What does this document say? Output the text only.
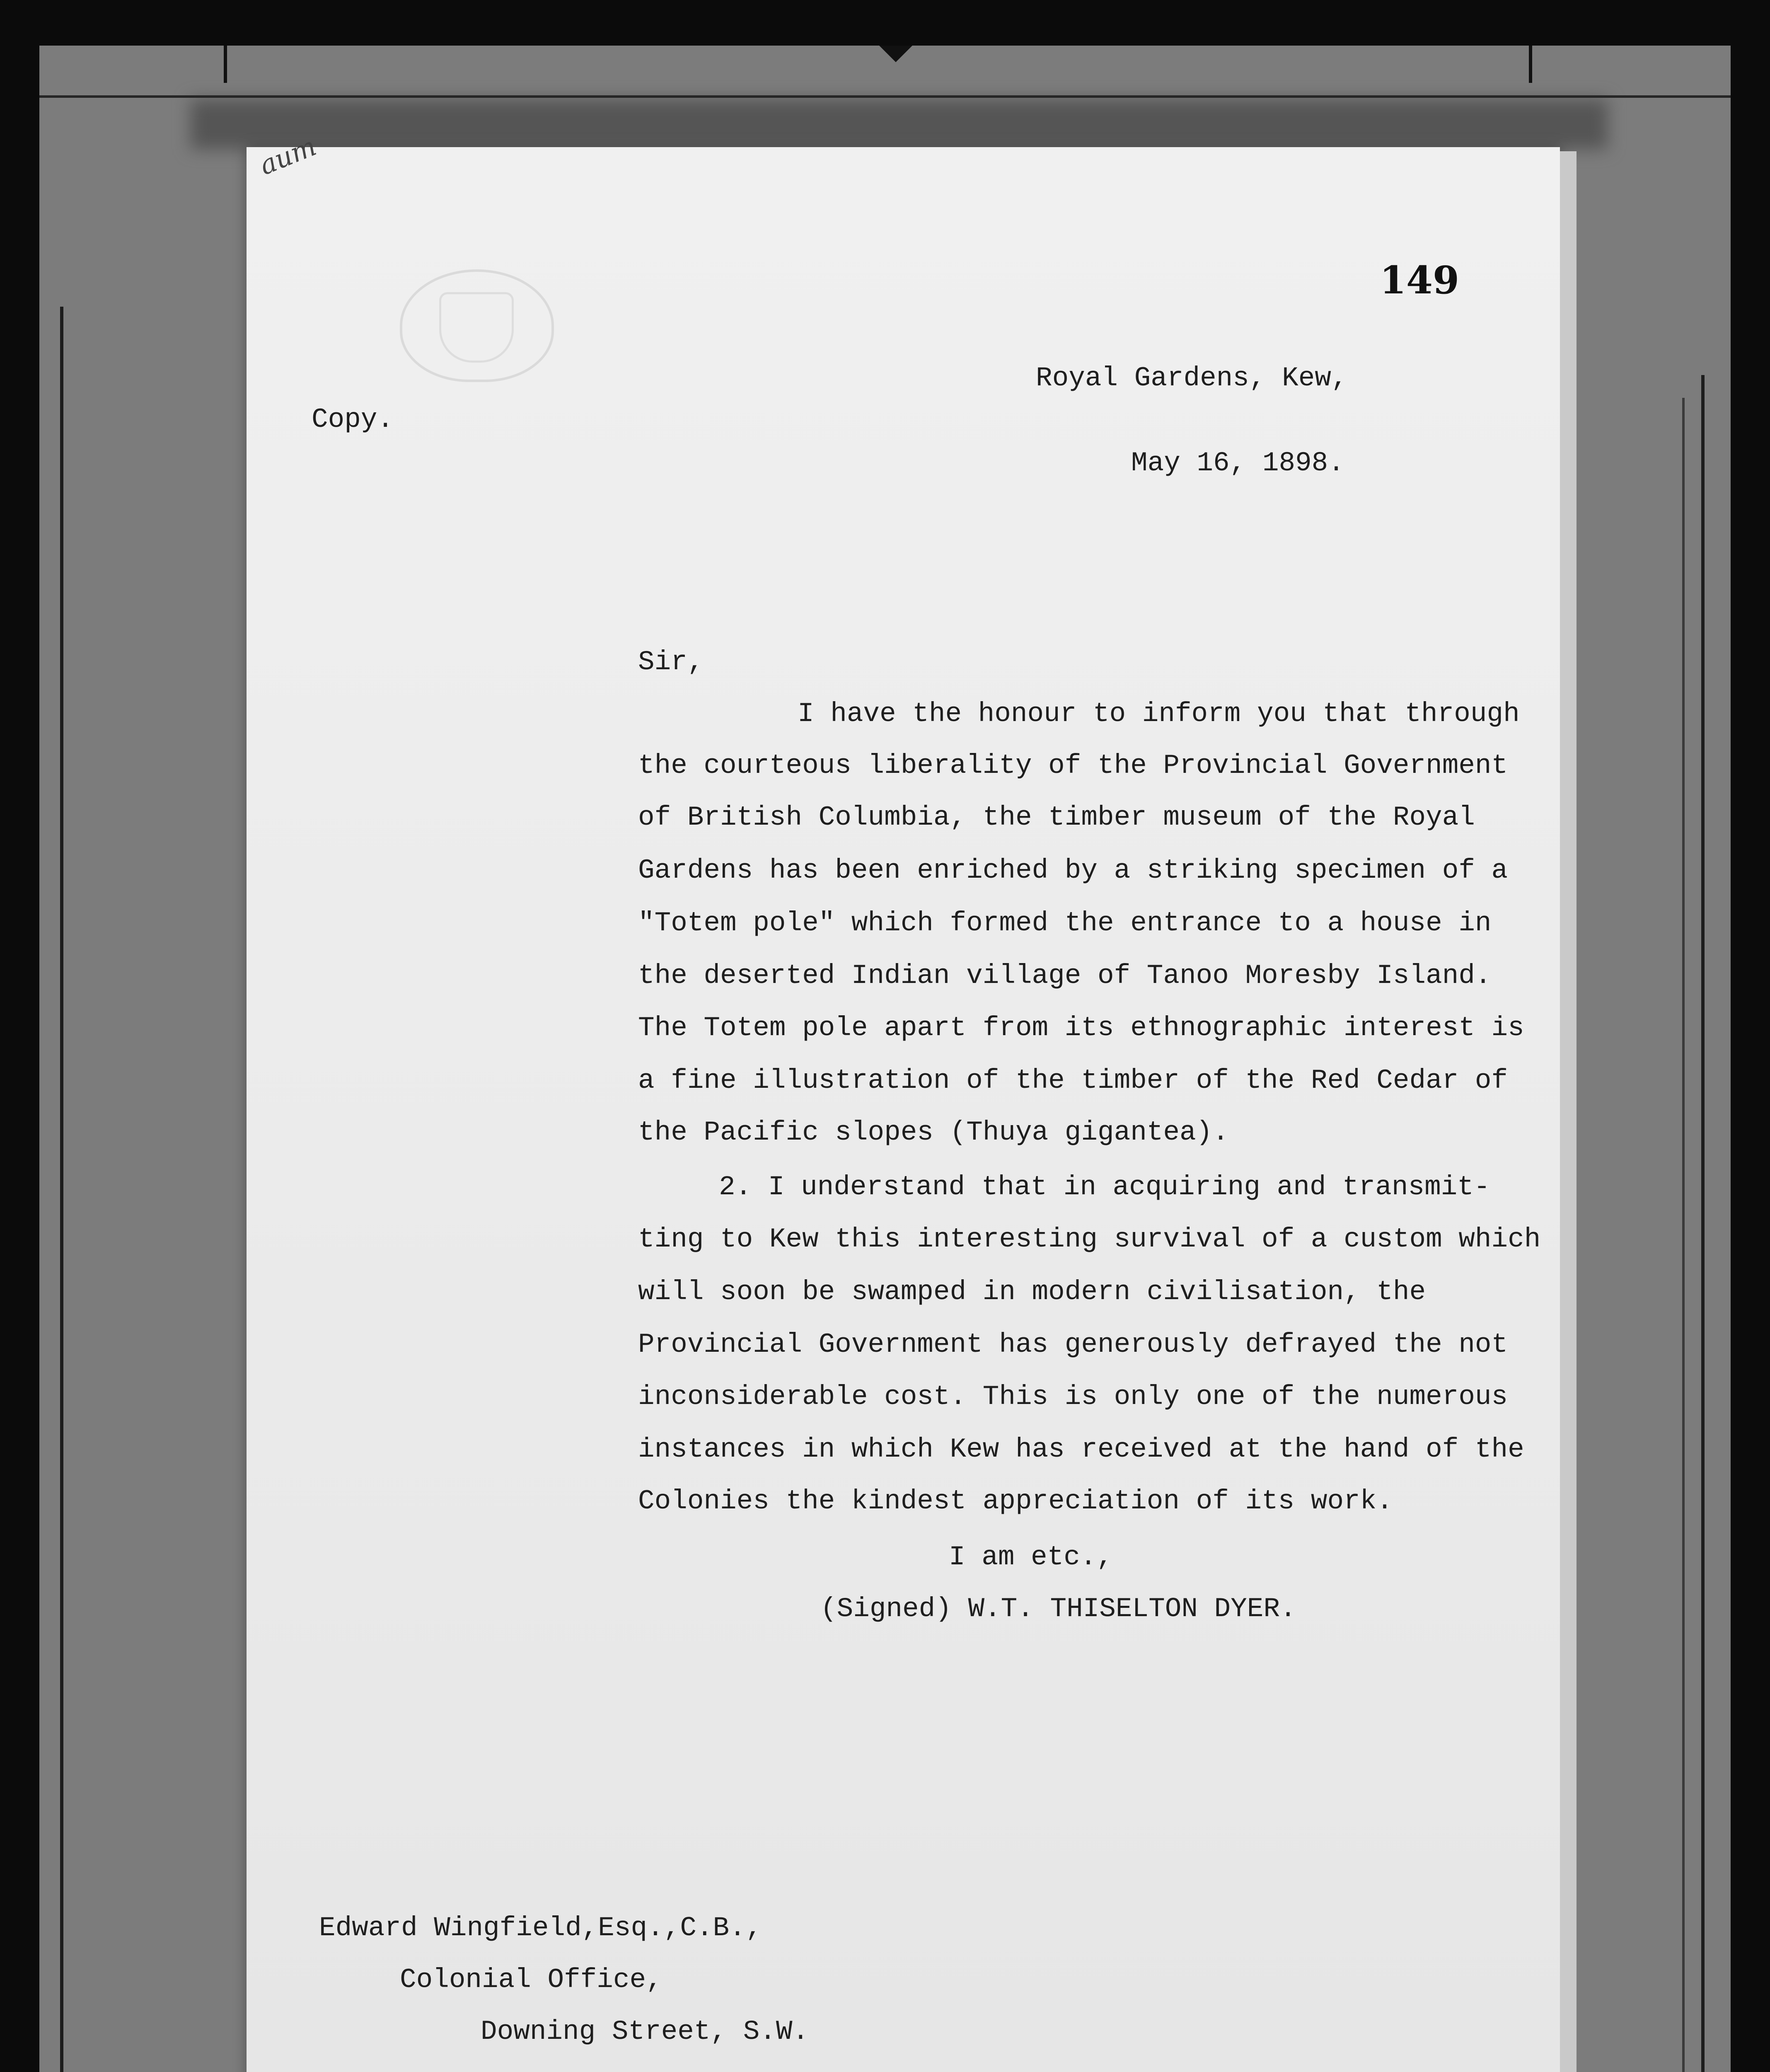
aum
149
Royal Gardens, Kew,
Copy.
May 16, 1898.
Sir,
I have the honour to inform you that through
the courteous liberality of the Provincial Government
of British Columbia, the timber museum of the Royal
Gardens has been enriched by a striking specimen of a
"Totem pole" which formed the entrance to a house in
the deserted Indian village of Tanoo Moresby Island.
The Totem pole apart from its ethnographic interest is
a fine illustration of the timber of the Red Cedar of
the Pacific slopes (Thuya gigantea).
2. I understand that in acquiring and transmit-
ting to Kew this interesting survival of a custom which
will soon be swamped in modern civilisation, the
Provincial Government has generously defrayed the not
inconsiderable cost. This is only one of the numerous
instances in which Kew has received at the hand of the
Colonies the kindest appreciation of its work.
I am etc.,
(Signed) W.T. THISELTON DYER.
Edward Wingfield,Esq.,C.B.,
Colonial Office,
Downing Street, S.W.
